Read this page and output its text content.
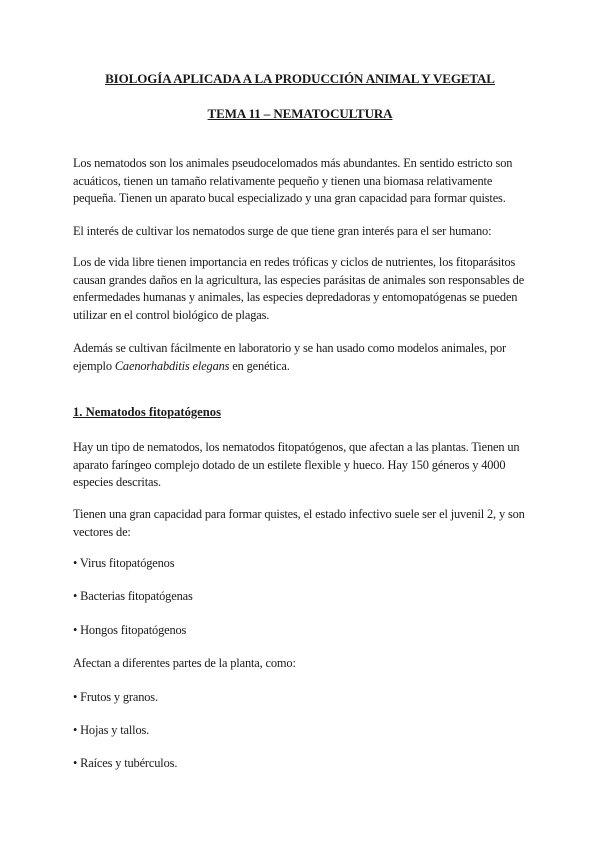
BIOLOGÍA APLICADA A LA PRODUCCIÓN ANIMAL Y VEGETAL
TEMA 11 – NEMATOCULTURA
Los nematodos son los animales pseudocelomados más abundantes. En sentido estricto son acuáticos, tienen un tamaño relativamente pequeño y tienen una biomasa relativamente pequeña. Tienen un aparato bucal especializado y una gran capacidad para formar quistes.
El interés de cultivar los nematodos surge de que tiene gran interés para el ser humano:
Los de vida libre tienen importancia en redes tróficas y ciclos de nutrientes, los fitoparásitos causan grandes daños en la agricultura, las especies parásitas de animales son responsables de enfermedades humanas y animales, las especies depredadoras y entomopatógenas se pueden utilizar en el control biológico de plagas.
Además se cultivan fácilmente en laboratorio y se han usado como modelos animales, por ejemplo Caenorhabditis elegans en genética.
1. Nematodos fitopatógenos
Hay un tipo de nematodos, los nematodos fitopatógenos, que afectan a las plantas. Tienen un aparato faríngeo complejo dotado de un estilete flexible y hueco. Hay 150 géneros y 4000 especies descritas.
Tienen una gran capacidad para formar quistes, el estado infectivo suele ser el juvenil 2, y son vectores de:
• Virus fitopatógenos
• Bacterias fitopatógenas
• Hongos fitopatógenos
Afectan a diferentes partes de la planta, como:
• Frutos y granos.
• Hojas y tallos.
• Raíces y tubérculos.
